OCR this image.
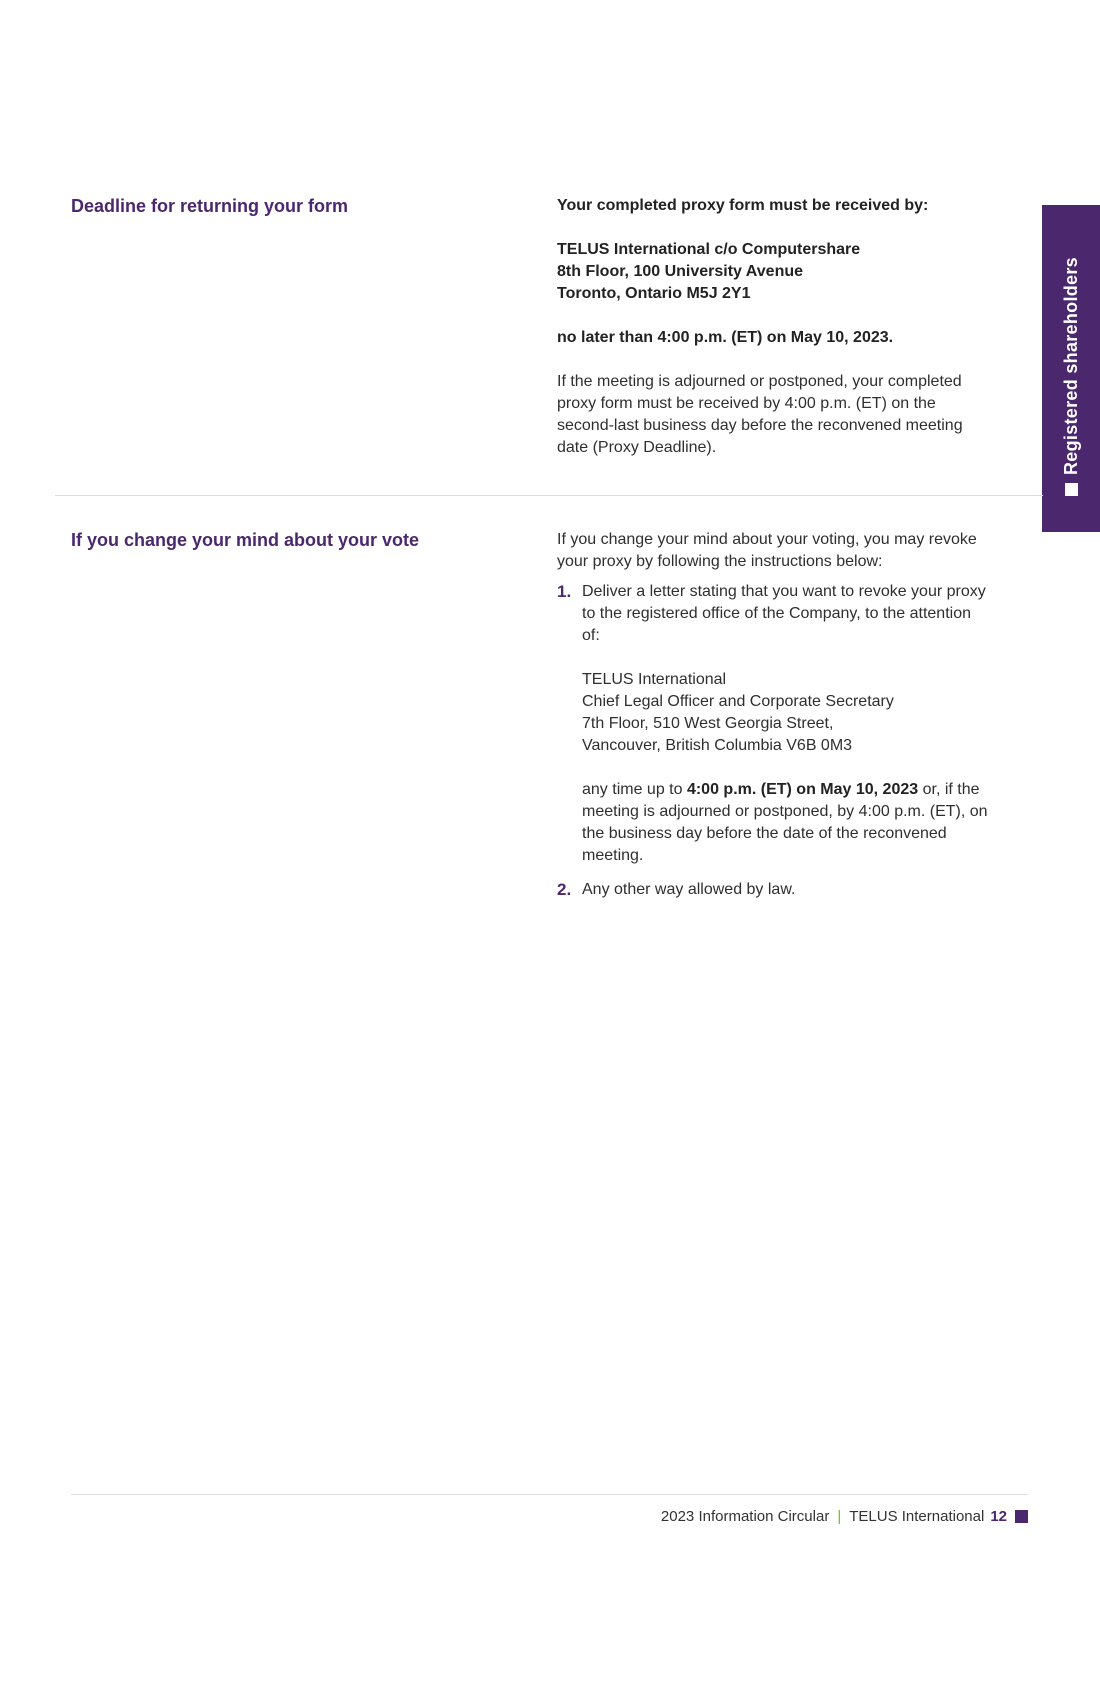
Registered shareholders
Deadline for returning your form	Your completed proxy form must be received by:

TELUS International c/o Computershare

8th Floor, 100 University Avenue

Toronto, Ontario M5J 2Y1

no later than 4:00 p.m. (ET) on May 10, 2023.

If the meeting is adjourned or postponed, your completed proxy form must be received by 4:00 p.m. (ET) on the second-last business day before the reconvened meeting date (Proxy Deadline).

If you change your mind about your vote	If you change your mind about your voting, you may revoke your proxy by following the instructions below:

1. Deliver a letter stating that you want to revoke your proxy to the registered office of the Company, to the attention of:

TELUS International

Chief Legal Officer and Corporate Secretary

7th Floor, 510 West Georgia Street,

Vancouver, British Columbia V6B 0M3

any time up to 4:00 p.m. (ET) on May 10, 2023 or, if the meeting is adjourned or postponed, by 4:00 p.m. (ET), on the business day before the date of the reconvened meeting.

2. Any other way allowed by law.

2023 Information Circular | TELUS International 12
